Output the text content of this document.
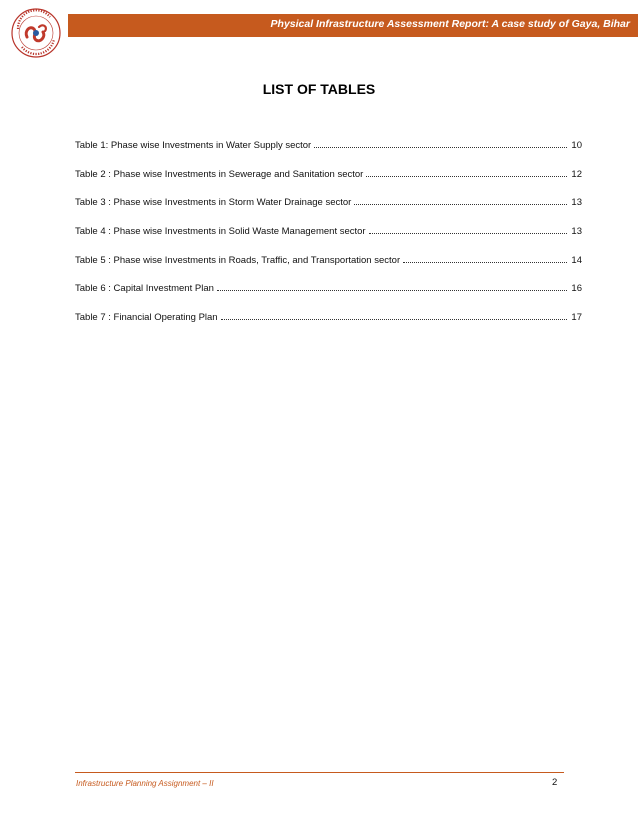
Physical Infrastructure Assessment Report: A case study of Gaya, Bihar
LIST OF TABLES
Table 1: Phase wise Investments in Water Supply sector	10
Table 2 : Phase wise Investments in Sewerage and Sanitation sector	12
Table 3 : Phase wise Investments in Storm Water Drainage sector	13
Table 4 : Phase wise Investments in Solid Waste Management sector	13
Table 5 : Phase wise Investments in Roads, Traffic, and Transportation sector	14
Table 6 : Capital Investment Plan	16
Table 7 : Financial Operating Plan	17
Infrastructure Planning Assignment – II	2
